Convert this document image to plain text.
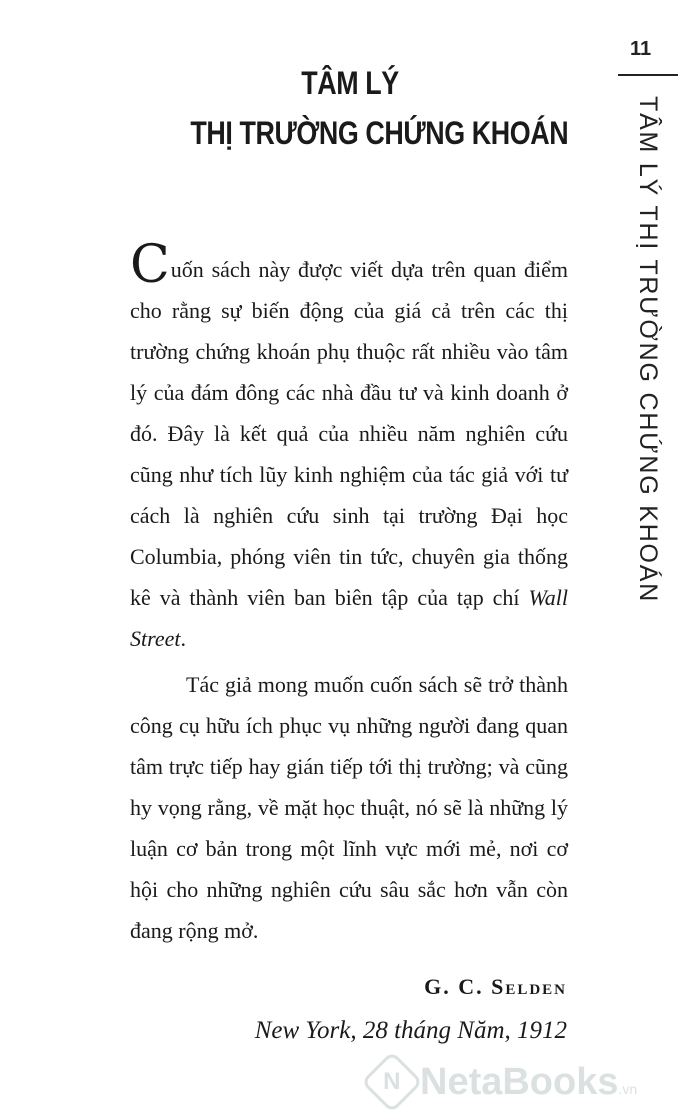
TÂM LÝ
THỊ TRƯỜNG CHỨNG KHOÁN
11
TÂM LÝ THỊ TRƯỜNG CHỨNG KHOÁN

Cuốn sách này được viết dựa trên quan điểm cho rằng sự biến động của giá cả trên các thị trường chứng khoán phụ thuộc rất nhiều vào tâm lý của đám đông các nhà đầu tư và kinh doanh ở đó. Đây là kết quả của nhiều năm nghiên cứu cũng như tích lũy kinh nghiệm của tác giả với tư cách là nghiên cứu sinh tại trường Đại học Columbia, phóng viên tin tức, chuyên gia thống kê và thành viên ban biên tập của tạp chí Wall Street.

Tác giả mong muốn cuốn sách sẽ trở thành công cụ hữu ích phục vụ những người đang quan tâm trực tiếp hay gián tiếp tới thị trường; và cũng hy vọng rằng, về mặt học thuật, nó sẽ là những lý luận cơ bản trong một lĩnh vực mới mẻ, nơi cơ hội cho những nghiên cứu sâu sắc hơn vẫn còn đang rộng mở.

G. C. Selden
New York, 28 tháng Năm, 1912
N NetaBooks.vn
